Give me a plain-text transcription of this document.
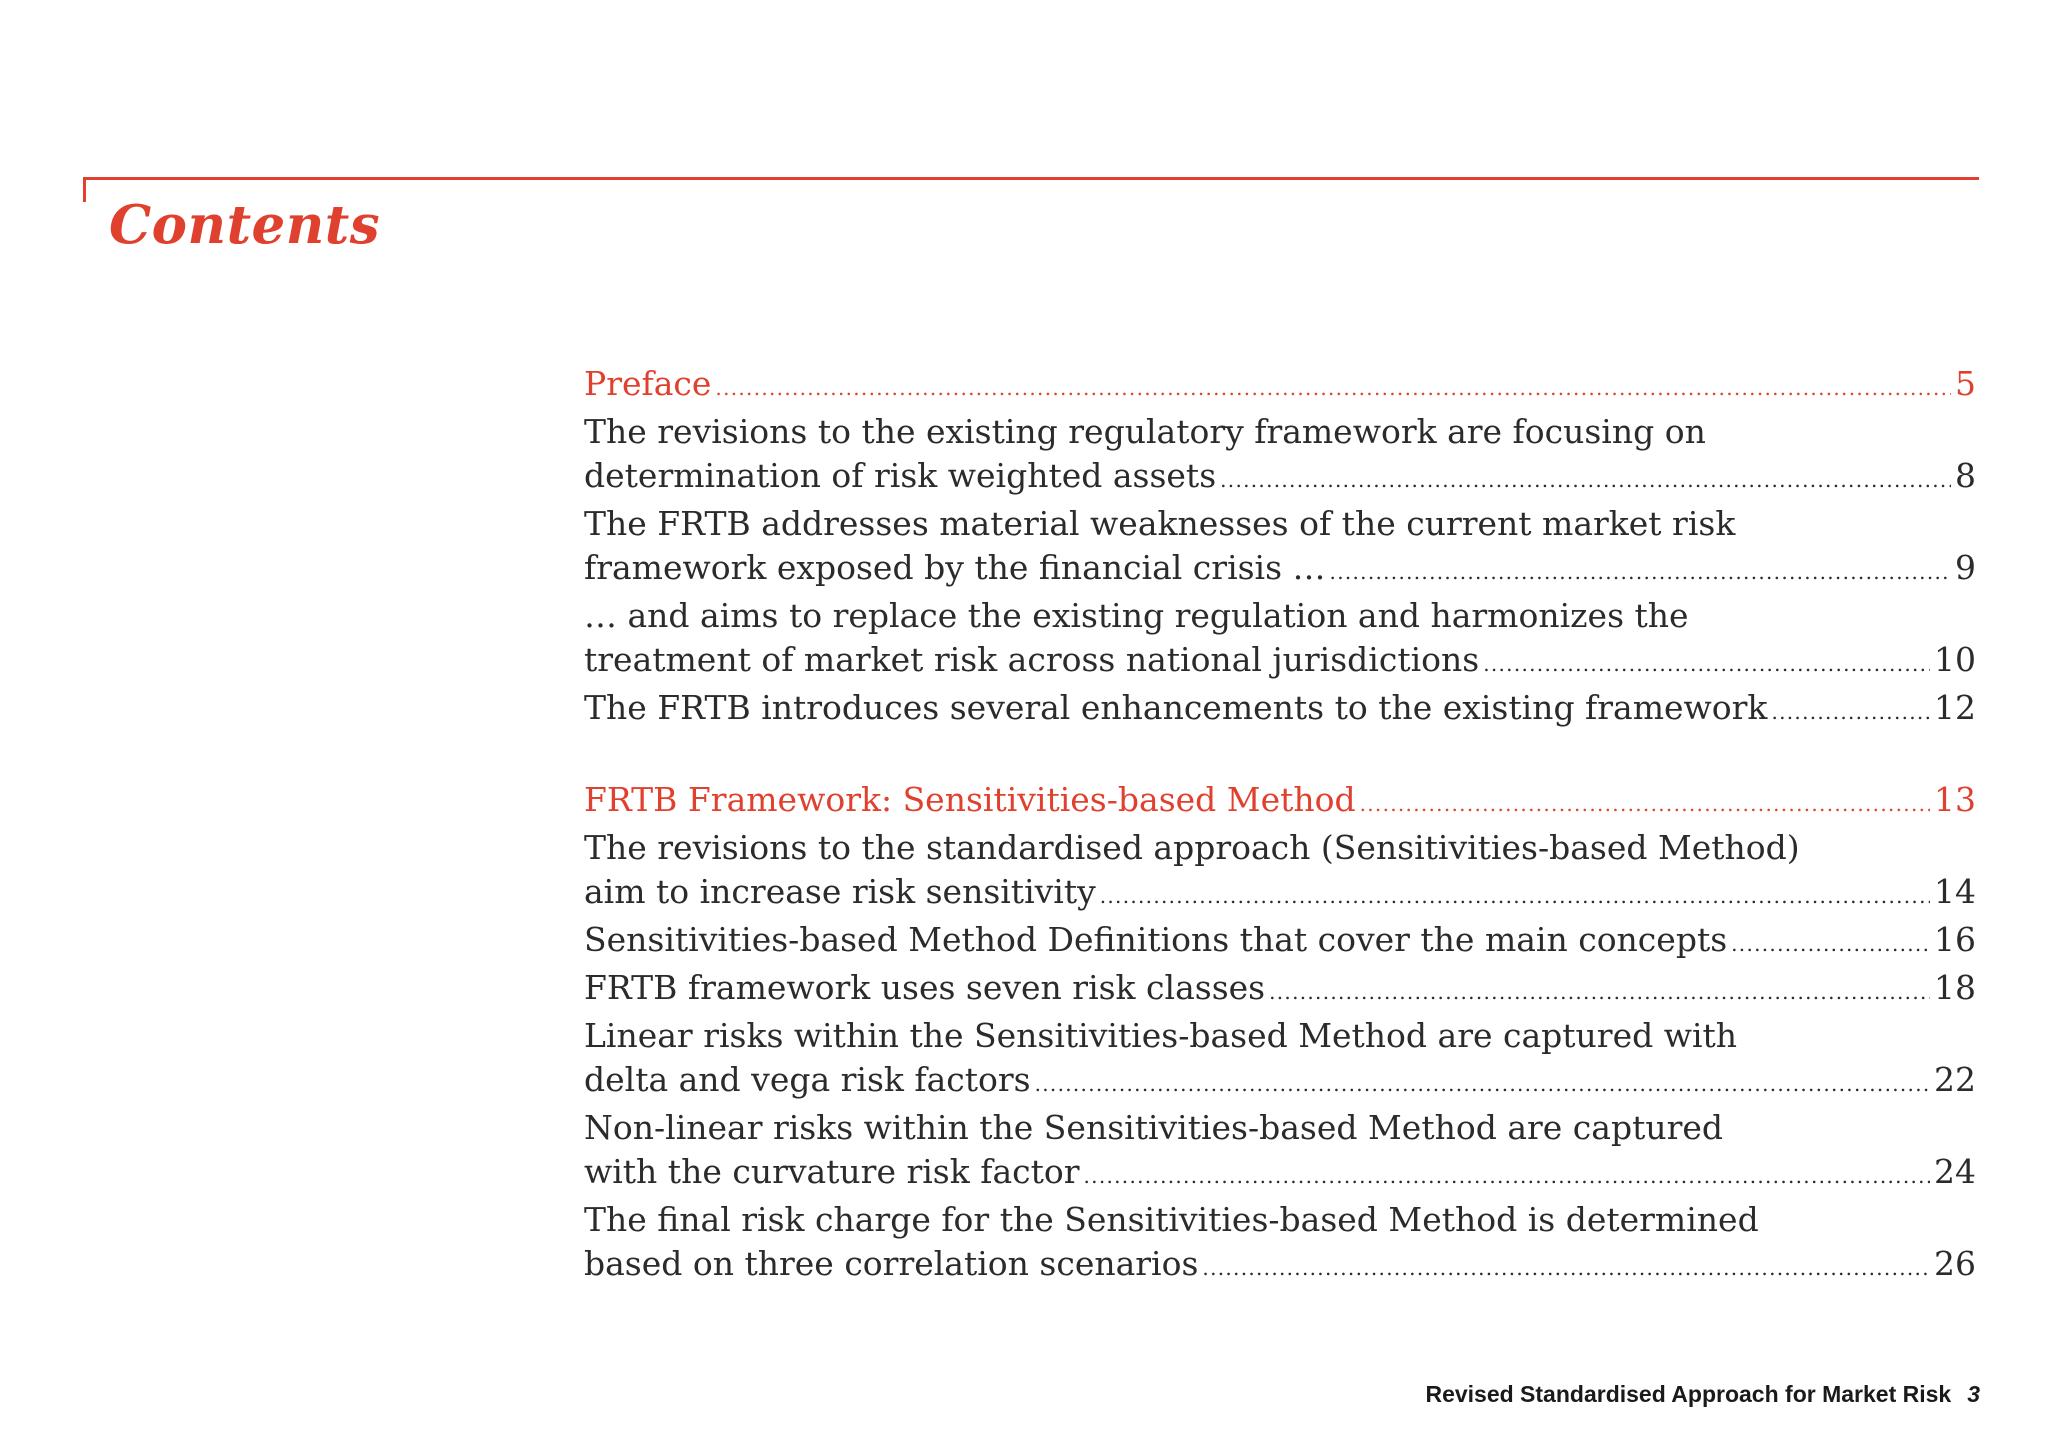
Contents
Preface .....	5
The revisions to the existing regulatory framework are focusing on
determination of risk weighted assets .....	8
The FRTB addresses material weaknesses of the current market risk
framework exposed by the financial crisis … .....	9
… and aims to replace the existing regulation and harmonizes the
treatment of market risk across national jurisdictions .....	10
The FRTB introduces several enhancements to the existing framework .....	12
FRTB Framework: Sensitivities-based Method .....	13
The revisions to the standardised approach (Sensitivities-based Method)
aim to increase risk sensitivity .....	14
Sensitivities-based Method Definitions that cover the main concepts .....	16
FRTB framework uses seven risk classes .....	18
Linear risks within the Sensitivities-based Method are captured with
delta and vega risk factors .....	22
Non-linear risks within the Sensitivities-based Method are captured
with the curvature risk factor .....	24
The final risk charge for the Sensitivities-based Method is determined
based on three correlation scenarios .....	26
Revised Standardised Approach for Market Risk 3
